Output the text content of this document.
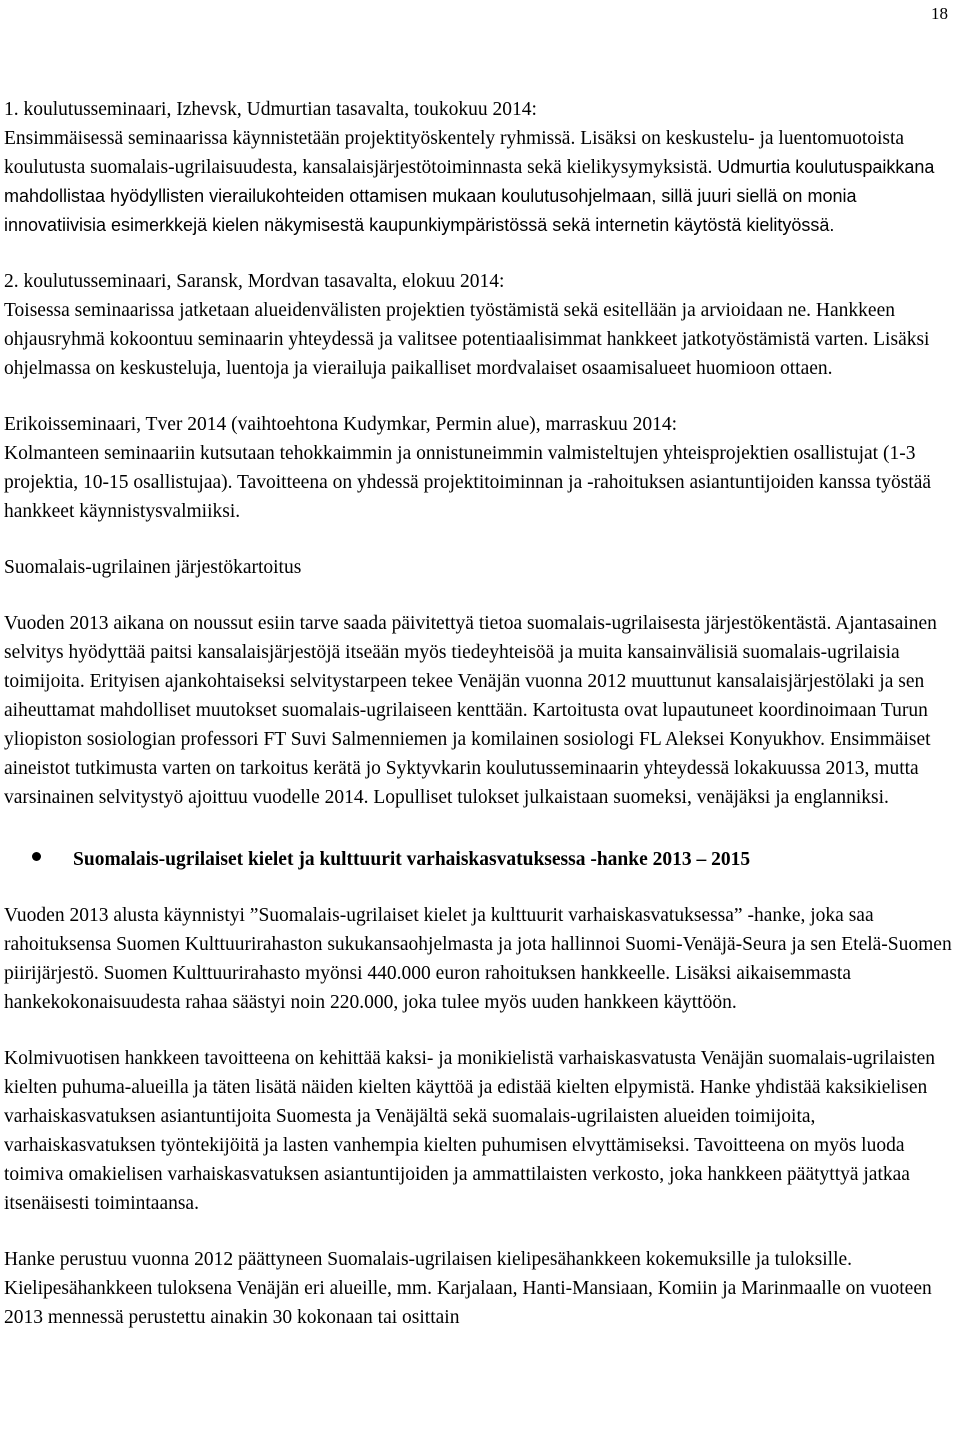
18

1. koulutusseminaari, Izhevsk, Udmurtian tasavalta, toukokuu 2014:

Ensimmäisessä seminaarissa käynnistetään projektityöskentely ryhmissä. Lisäksi on keskustelu- ja luentomuotoista koulutusta suomalais-ugrilaisuudesta, kansalaisjärjestötoiminnasta sekä kielikysymyksistä. Udmurtia koulutuspaikkana mahdollistaa hyödyllisten vierailukohteiden ottamisen mukaan koulutusohjelmaan, sillä juuri siellä on monia innovatiivisia esimerkkejä kielen näkymisestä kaupunkiympäristössä sekä internetin käytöstä kielityössä.

2. koulutusseminaari, Saransk, Mordvan tasavalta, elokuu 2014:

Toisessa seminaarissa jatketaan alueidenvälisten projektien työstämistä sekä esitellään ja arvioidaan ne. Hankkeen ohjausryhmä kokoontuu seminaarin yhteydessä ja valitsee potentiaalisimmat hankkeet jatkotyöstämistä varten. Lisäksi ohjelmassa on keskusteluja, luentoja ja vierailuja paikalliset mordvalaiset osaamisalueet huomioon ottaen.

Erikoisseminaari, Tver 2014 (vaihtoehtona Kudymkar, Permin alue), marraskuu 2014:

Kolmanteen seminaariin kutsutaan tehokkaimmin ja onnistuneimmin valmisteltujen yhteisprojektien osallistujat (1-3 projektia, 10-15 osallistujaa). Tavoitteena on yhdessä projektitoiminnan ja -rahoituksen asiantuntijoiden kanssa työstää hankkeet käynnistysvalmiiksi.

Suomalais-ugrilainen järjestökartoitus

Vuoden 2013 aikana on noussut esiin tarve saada päivitettyä tietoa suomalais-ugrilaisesta järjestökentästä. Ajantasainen selvitys hyödyttää paitsi kansalaisjärjestöjä itseään myös tiedeyhteisöä ja muita kansainvälisiä suomalais-ugrilaisia toimijoita. Erityisen ajankohtaiseksi selvitystarpeen tekee Venäjän vuonna 2012 muuttunut kansalaisjärjestölaki ja sen aiheuttamat mahdolliset muutokset suomalais-ugrilaiseen kenttään. Kartoitusta ovat lupautuneet koordinoimaan Turun yliopiston sosiologian professori FT Suvi Salmenniemen ja komilainen sosiologi FL Aleksei Konyukhov. Ensimmäiset aineistot tutkimusta varten on tarkoitus kerätä jo Syktyvkarin koulutusseminaarin yhteydessä lokakuussa 2013, mutta varsinainen selvitystyö ajoittuu vuodelle 2014. Lopulliset tulokset julkaistaan suomeksi, venäjäksi ja englanniksi.

Suomalais-ugrilaiset kielet ja kulttuurit varhaiskasvatuksessa -hanke 2013 – 2015

Vuoden 2013 alusta käynnistyi ”Suomalais-ugrilaiset kielet ja kulttuurit varhaiskasvatuksessa” -hanke, joka saa rahoituksensa Suomen Kulttuurirahaston sukukansaohjelmasta ja jota hallinnoi Suomi-Venäjä-Seura ja sen Etelä-Suomen piirijärjestö. Suomen Kulttuurirahasto myönsi 440.000 euron rahoituksen hankkeelle. Lisäksi aikaisemmasta hankekokonaisuudesta rahaa säästyi noin 220.000, joka tulee myös uuden hankkeen käyttöön.

Kolmivuotisen hankkeen tavoitteena on kehittää kaksi- ja monikielistä varhaiskasvatusta Venäjän suomalais-ugrilaisten kielten puhuma-alueilla ja täten lisätä näiden kielten käyttöä ja edistää kielten elpymistä. Hanke yhdistää kaksikielisen varhaiskasvatuksen asiantuntijoita Suomesta ja Venäjältä sekä suomalais-ugrilaisten alueiden toimijoita, varhaiskasvatuksen työntekijöitä ja lasten vanhempia kielten puhumisen elvyttämiseksi. Tavoitteena on myös luoda toimiva omakielisen varhaiskasvatuksen asiantuntijoiden ja ammattilaisten verkosto, joka hankkeen päätyttyä jatkaa itsenäisesti toimintaansa.

Hanke perustuu vuonna 2012 päättyneen Suomalais-ugrilaisen kielipesähankkeen kokemuksille ja tuloksille. Kielipesähankkeen tuloksena Venäjän eri alueille, mm. Karjalaan, Hanti-Mansiaan, Komiin ja Marinmaalle on vuoteen 2013 mennessä perustettu ainakin 30 kokonaan tai osittain
